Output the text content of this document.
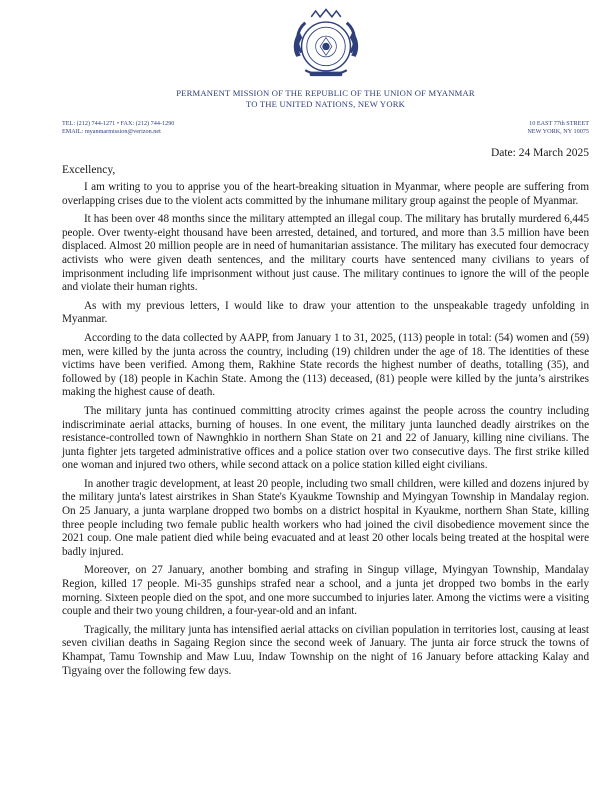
PERMANENT MISSION OF THE REPUBLIC OF THE UNION OF MYANMAR
TO THE UNITED NATIONS, NEW YORK
TEL: (212) 744-1271 • FAX: (212) 744-1290
EMAIL: myanmarmission@verizon.net
10 EAST 77th STREET
NEW YORK, NY 10075
Date: 24 March 2025
Excellency,

I am writing to you to apprise you of the heart-breaking situation in Myanmar, where people are suffering from overlapping crises due to the violent acts committed by the inhumane military group against the people of Myanmar.

It has been over 48 months since the military attempted an illegal coup. The military has brutally murdered 6,445 people. Over twenty-eight thousand have been arrested, detained, and tortured, and more than 3.5 million have been displaced. Almost 20 million people are in need of humanitarian assistance. The military has executed four democracy activists who were given death sentences, and the military courts have sentenced many civilians to years of imprisonment including life imprisonment without just cause. The military continues to ignore the will of the people and violate their human rights.

As with my previous letters, I would like to draw your attention to the unspeakable tragedy unfolding in Myanmar.

According to the data collected by AAPP, from January 1 to 31, 2025, (113) people in total: (54) women and (59) men, were killed by the junta across the country, including (19) children under the age of 18. The identities of these victims have been verified. Among them, Rakhine State records the highest number of deaths, totalling (35), and followed by (18) people in Kachin State. Among the (113) deceased, (81) people were killed by the junta’s airstrikes making the highest cause of death.

The military junta has continued committing atrocity crimes against the people across the country including indiscriminate aerial attacks, burning of houses. In one event, the military junta launched deadly airstrikes on the resistance-controlled town of Nawnghkio in northern Shan State on 21 and 22 of January, killing nine civilians. The junta fighter jets targeted administrative offices and a police station over two consecutive days. The first strike killed one woman and injured two others, while second attack on a police station killed eight civilians.

In another tragic development, at least 20 people, including two small children, were killed and dozens injured by the military junta's latest airstrikes in Shan State's Kyaukme Township and Myingyan Township in Mandalay region. On 25 January, a junta warplane dropped two bombs on a district hospital in Kyaukme, northern Shan State, killing three people including two female public health workers who had joined the civil disobedience movement since the 2021 coup. One male patient died while being evacuated and at least 20 other locals being treated at the hospital were badly injured.

Moreover, on 27 January, another bombing and strafing in Singup village, Myingyan Township, Mandalay Region, killed 17 people. Mi-35 gunships strafed near a school, and a junta jet dropped two bombs in the early morning. Sixteen people died on the spot, and one more succumbed to injuries later. Among the victims were a visiting couple and their two young children, a four-year-old and an infant.

Tragically, the military junta has intensified aerial attacks on civilian population in territories lost, causing at least seven civilian deaths in Sagaing Region since the second week of January. The junta air force struck the towns of Khampat, Tamu Township and Maw Luu, Indaw Township on the night of 16 January before attacking Kalay and Tigyaing over the following few days.
